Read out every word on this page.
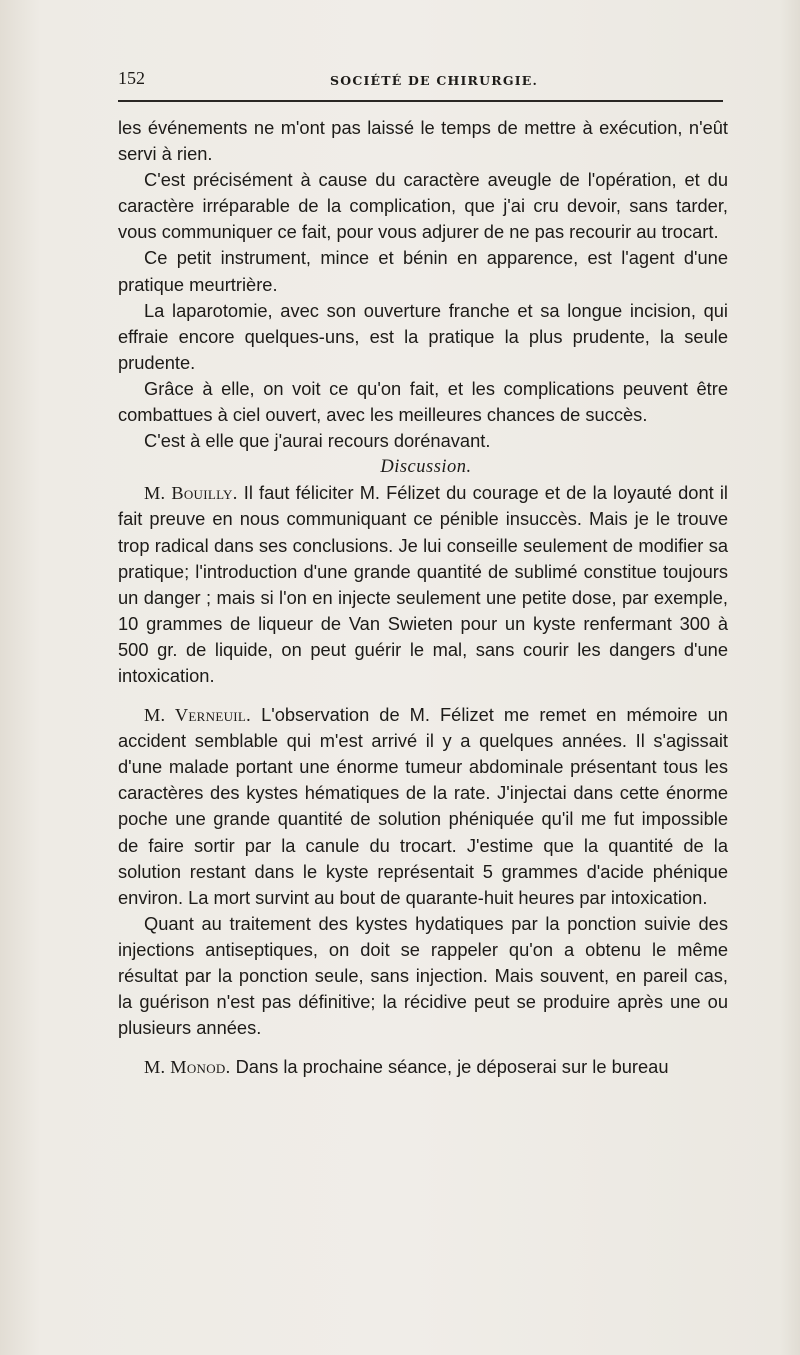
152	SOCIÉTÉ DE CHIRURGIE.

les événements ne m'ont pas laissé le temps de mettre à exécution, n'eût servi à rien.

C'est précisément à cause du caractère aveugle de l'opération, et du caractère irréparable de la complication, que j'ai cru devoir, sans tarder, vous communiquer ce fait, pour vous adjurer de ne pas recourir au trocart.

Ce petit instrument, mince et bénin en apparence, est l'agent d'une pratique meurtrière.

La laparotomie, avec son ouverture franche et sa longue incision, qui effraie encore quelques-uns, est la pratique la plus prudente, la seule prudente.

Grâce à elle, on voit ce qu'on fait, et les complications peuvent être combattues à ciel ouvert, avec les meilleures chances de succès.

C'est à elle que j'aurai recours dorénavant.

Discussion.

M. Bouilly. Il faut féliciter M. Félizet du courage et de la loyauté dont il fait preuve en nous communiquant ce pénible insuccès. Mais je le trouve trop radical dans ses conclusions. Je lui conseille seulement de modifier sa pratique; l'introduction d'une grande quantité de sublimé constitue toujours un danger ; mais si l'on en injecte seulement une petite dose, par exemple, 10 grammes de liqueur de Van Swieten pour un kyste renfermant 300 à 500 gr. de liquide, on peut guérir le mal, sans courir les dangers d'une intoxication.

M. Verneuil. L'observation de M. Félizet me remet en mémoire un accident semblable qui m'est arrivé il y a quelques années. Il s'agissait d'une malade portant une énorme tumeur abdominale présentant tous les caractères des kystes hématiques de la rate. J'injectai dans cette énorme poche une grande quantité de solution phéniquée qu'il me fut impossible de faire sortir par la canule du trocart. J'estime que la quantité de la solution restant dans le kyste représentait 5 grammes d'acide phénique environ. La mort survint au bout de quarante-huit heures par intoxication.

Quant au traitement des kystes hydatiques par la ponction suivie des injections antiseptiques, on doit se rappeler qu'on a obtenu le même résultat par la ponction seule, sans injection. Mais souvent, en pareil cas, la guérison n'est pas définitive; la récidive peut se produire après une ou plusieurs années.

M. Monod. Dans la prochaine séance, je déposerai sur le bureau
